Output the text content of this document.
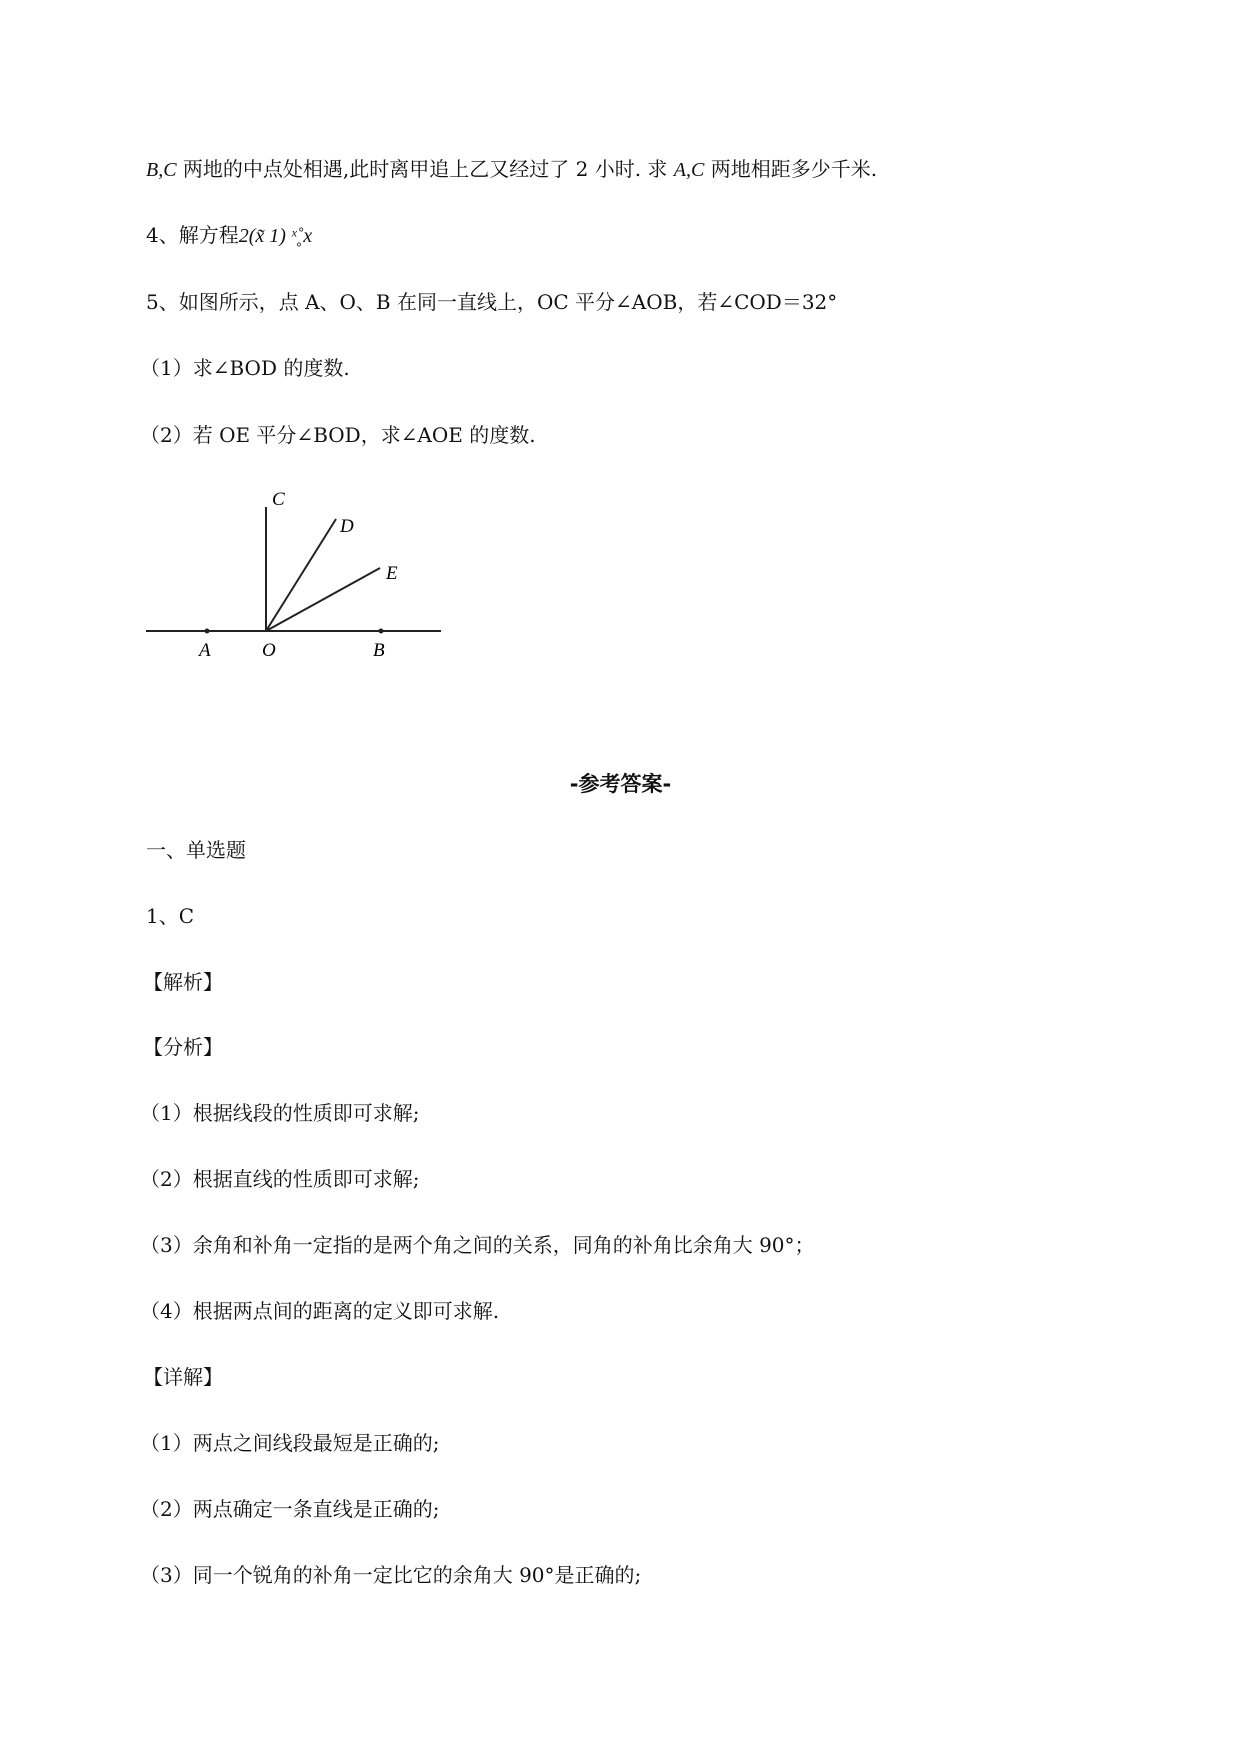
B,C 两地的中点处相遇,此时离甲追上乙又经过了 2 小时. 求 A,C 两地相距多少千米.
4、解方程2(x̃ 1) ˣ̊˳x
5、如图所示，点 A、O、B 在同一直线上，OC 平分∠AOB，若∠COD＝32°
（1）求∠BOD 的度数.
（2）若 OE 平分∠BOD，求∠AOE 的度数.
C
D
E
A	O	B
-参考答案-
一、单选题
1、C
【解析】
【分析】
（1）根据线段的性质即可求解;
（2）根据直线的性质即可求解;
（3）余角和补角一定指的是两个角之间的关系，同角的补角比余角大 90°；
（4）根据两点间的距离的定义即可求解.
【详解】
（1）两点之间线段最短是正确的;
（2）两点确定一条直线是正确的;
（3）同一个锐角的补角一定比它的余角大 90°是正确的;
